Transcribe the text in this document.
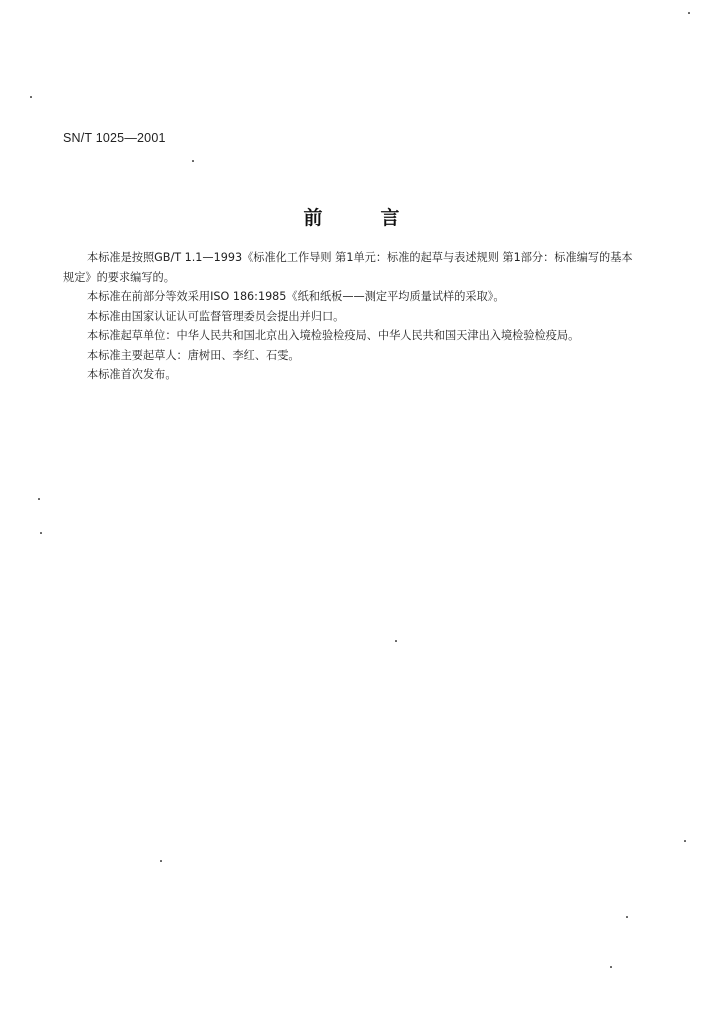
SN/T 1025—2001
前	言

本标准是按照GB/T 1.1—1993《标准化工作导则 第1单元：标准的起草与表述规则 第1部分：标准编写的基本规定》的要求编写的。

本标准在前部分等效采用ISO 186:1985《纸和纸板——测定平均质量试样的采取》。

本标准由国家认证认可监督管理委员会提出并归口。

本标准起草单位：中华人民共和国北京出入境检验检疫局、中华人民共和国天津出入境检验检疫局。

本标准主要起草人：唐树田、李红、石雯。

本标准首次发布。
